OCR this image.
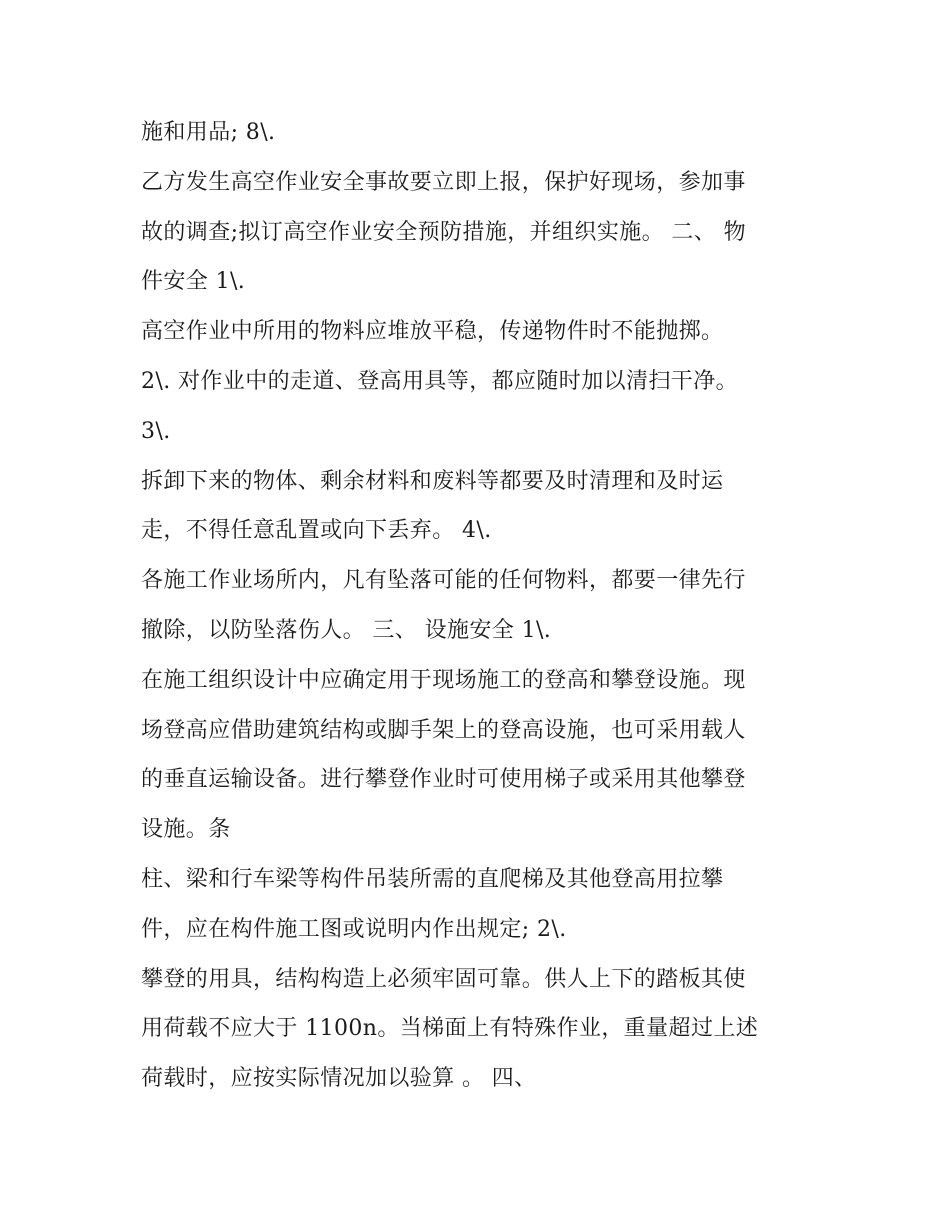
施和用品; 8\.
乙方发生高空作业安全事故要立即上报，保护好现场，参加事
故的调查;拟订高空作业安全预防措施，并组织实施。 二、 物
件安全 1\.
高空作业中所用的物料应堆放平稳，传递物件时不能抛掷。
2\. 对作业中的走道、登高用具等，都应随时加以清扫干净。
3\.
拆卸下来的物体、剩余材料和废料等都要及时清理和及时运
走，不得任意乱置或向下丢弃。 4\.
各施工作业场所内，凡有坠落可能的任何物料，都要一律先行
撤除，以防坠落伤人。 三、 设施安全 1\.
在施工组织设计中应确定用于现场施工的登高和攀登设施。现
场登高应借助建筑结构或脚手架上的登高设施，也可采用载人
的垂直运输设备。进行攀登作业时可使用梯子或采用其他攀登
设施。条
柱、梁和行车梁等构件吊装所需的直爬梯及其他登高用拉攀
件，应在构件施工图或说明内作出规定; 2\.
攀登的用具，结构构造上必须牢固可靠。供人上下的踏板其使
用荷载不应大于 1100n。当梯面上有特殊作业，重量超过上述
荷载时，应按实际情况加以验算 。 四、
